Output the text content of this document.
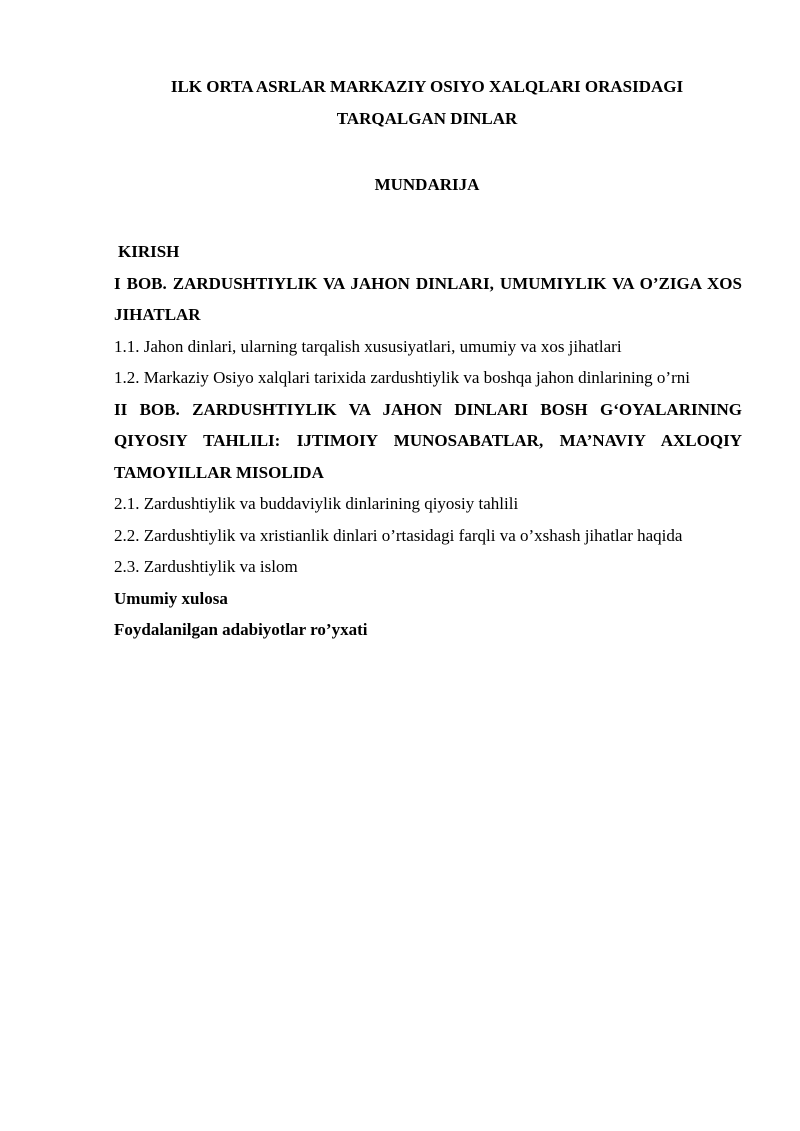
ILK ORTA ASRLAR MARKAZIY OSIYO XALQLARI ORASIDAGI
TARQALGAN DINLAR
MUNDARIJA
KIRISH
I BOB. ZARDUSHTIYLIK VA JAHON DINLARI, UMUMIYLIK VA O’ZIGA XOS JIHATLAR
1.1. Jahon dinlari, ularning tarqalish xususiyatlari, umumiy va xos jihatlari
1.2. Markaziy Osiyo xalqlari tarixida zardushtiylik va boshqa jahon dinlarining o’rni
II BOB. ZARDUSHTIYLIK VA JAHON DINLARI BOSH G‘OYALARINING QIYOSIY TAHLILI: IJTIMOIY MUNOSABATLAR, MA’NAVIY AXLOQIY TAMOYILLAR MISOLIDA
2.1. Zardushtiylik va buddaviylik dinlarining qiyosiy tahlili
2.2. Zardushtiylik va xristianlik dinlari o’rtasidagi farqli va o’xshash jihatlar haqida
2.3. Zardushtiylik va islom
Umumiy xulosa
Foydalanilgan adabiyotlar ro’yxati
